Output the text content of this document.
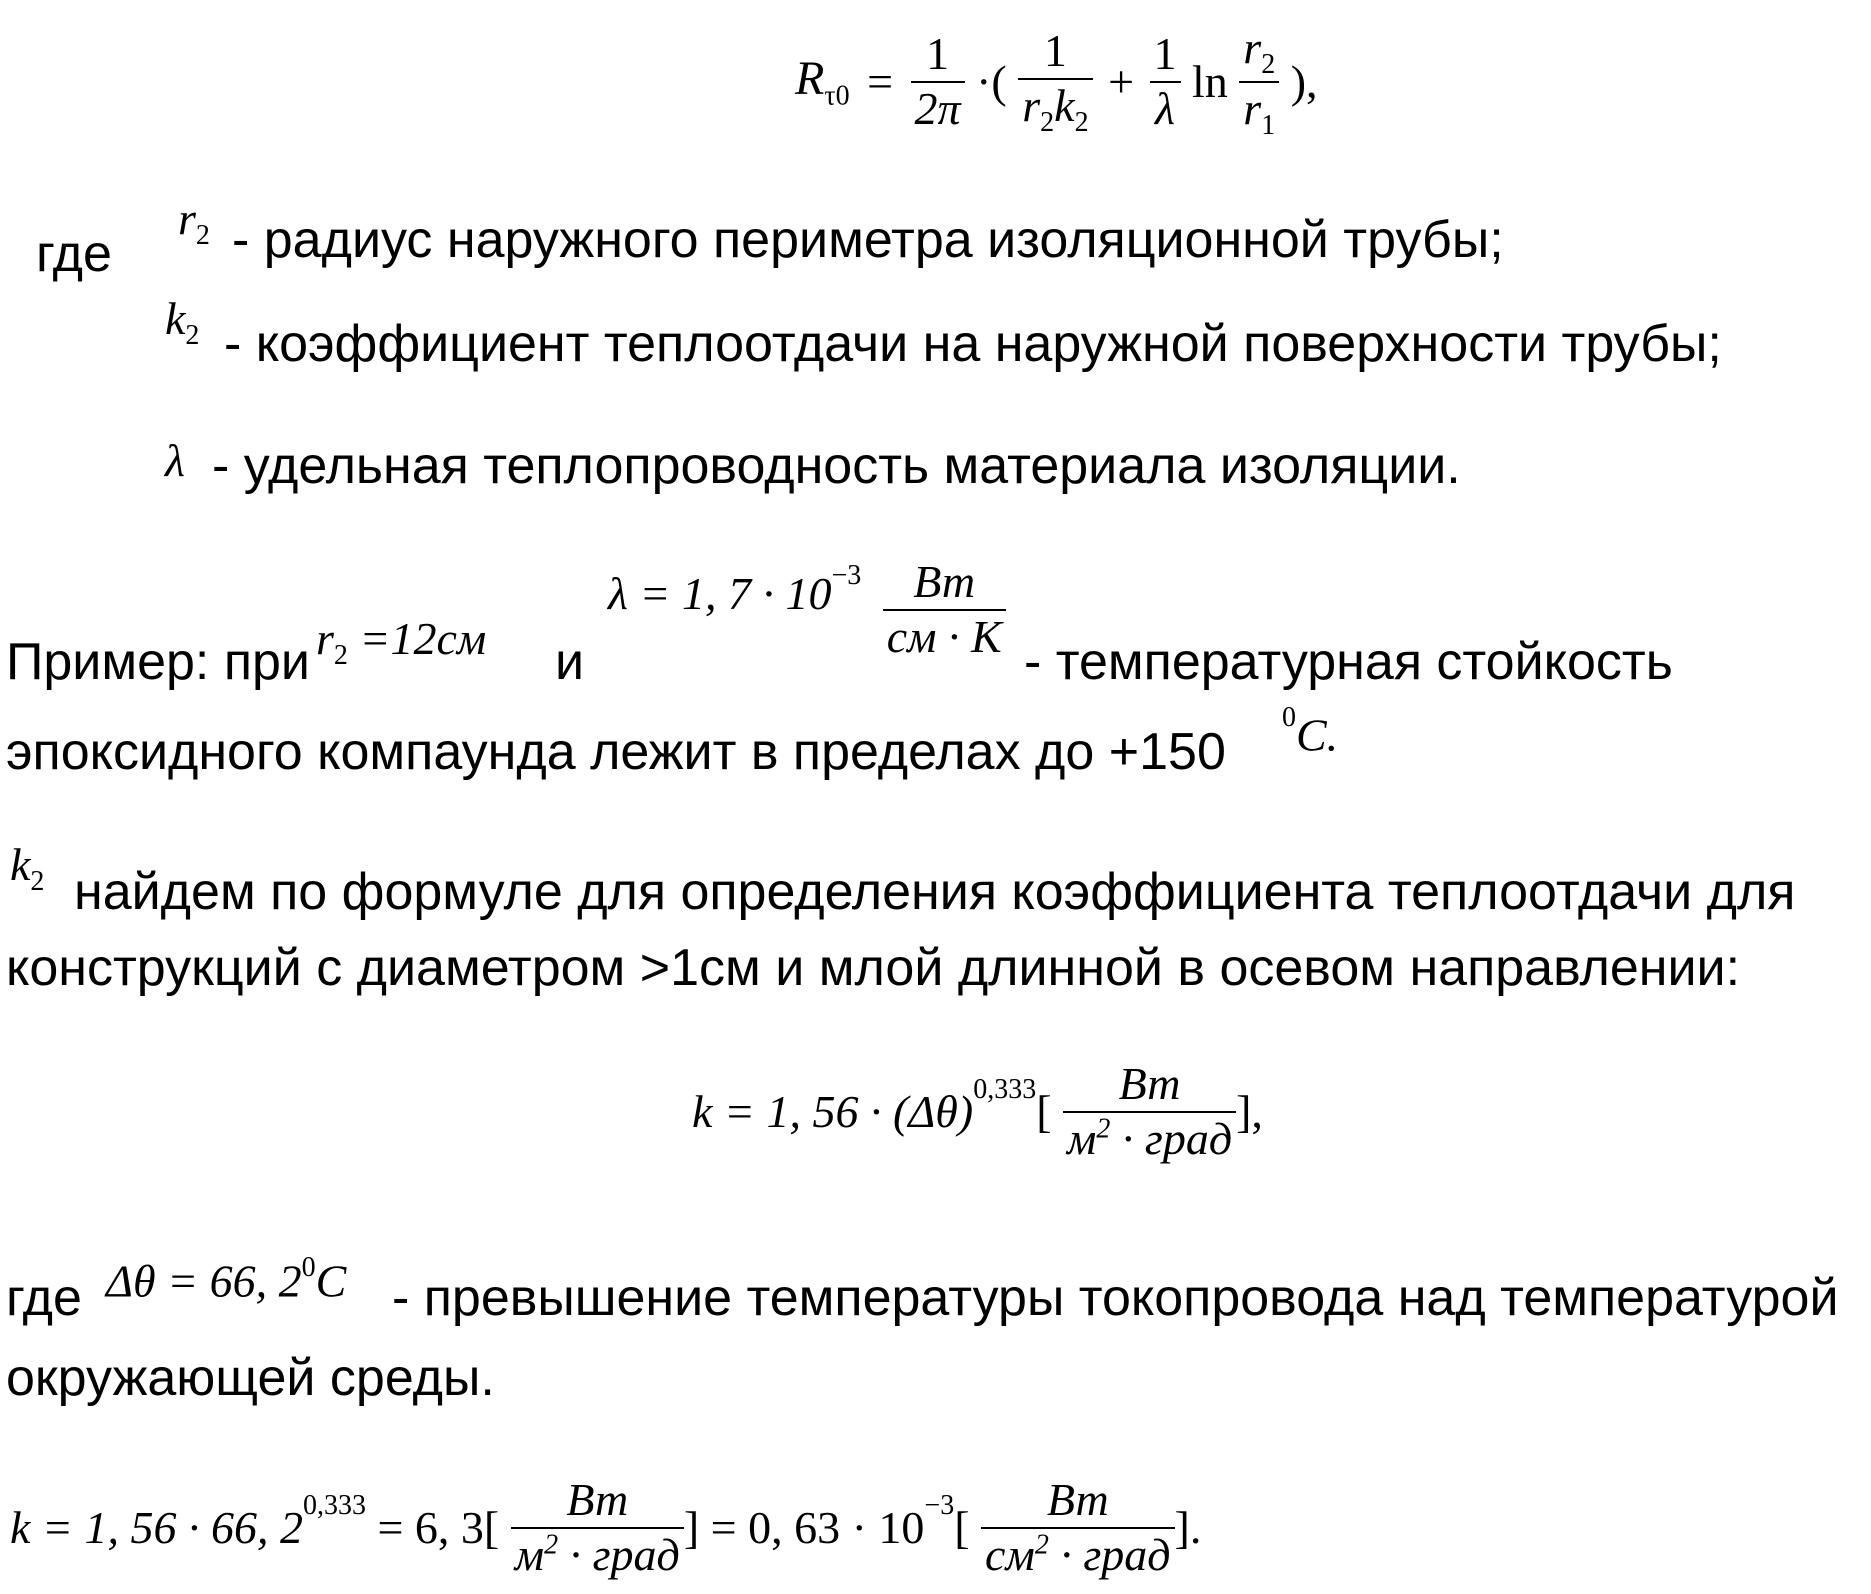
$R_{\tau 0} = \frac{1}{2\pi}$ ·( $\frac{1}{r_2k_2} + \frac{1}{\lambda}$ $\ln \frac{r_2}{r_1}$ ),
где
$r_2$ - радиус наружного периметра изоляционной трубы;
$k_2$ - коэффициент теплоотдачи на наружной поверхности трубы;
λ - удельная теплопроводность материала изоляции.
Пример: при $r_2 =12см$ и
λ = 1, $7 \cdot 10-3 \frac{Вт}{см \cdot К}$ - температурная стойкость
эпоксидного компаунда лежит в пределах до +150
$^0$C.
$k_2$ найдем по формуле для определения коэффициента теплоотдачи для
конструкций с диаметром >1см и млой длинной в осевом направлении:
k = 1, $56 \cdot (\Delta\theta)0,333[ \frac{Вт}{м^2 \cdot град}$ ],
где Δθ = 66, $2^0C$ - превышение температуры токопровода над температурой
окружающей среды.
k = 1, 56 · 66, 20,333 = 6, $3[ \frac{Вт}{м^2 \cdot град}$ ] = 0, $63 \cdot 10-3[ \frac{Вт}{см^2 \cdot град}$ ].
